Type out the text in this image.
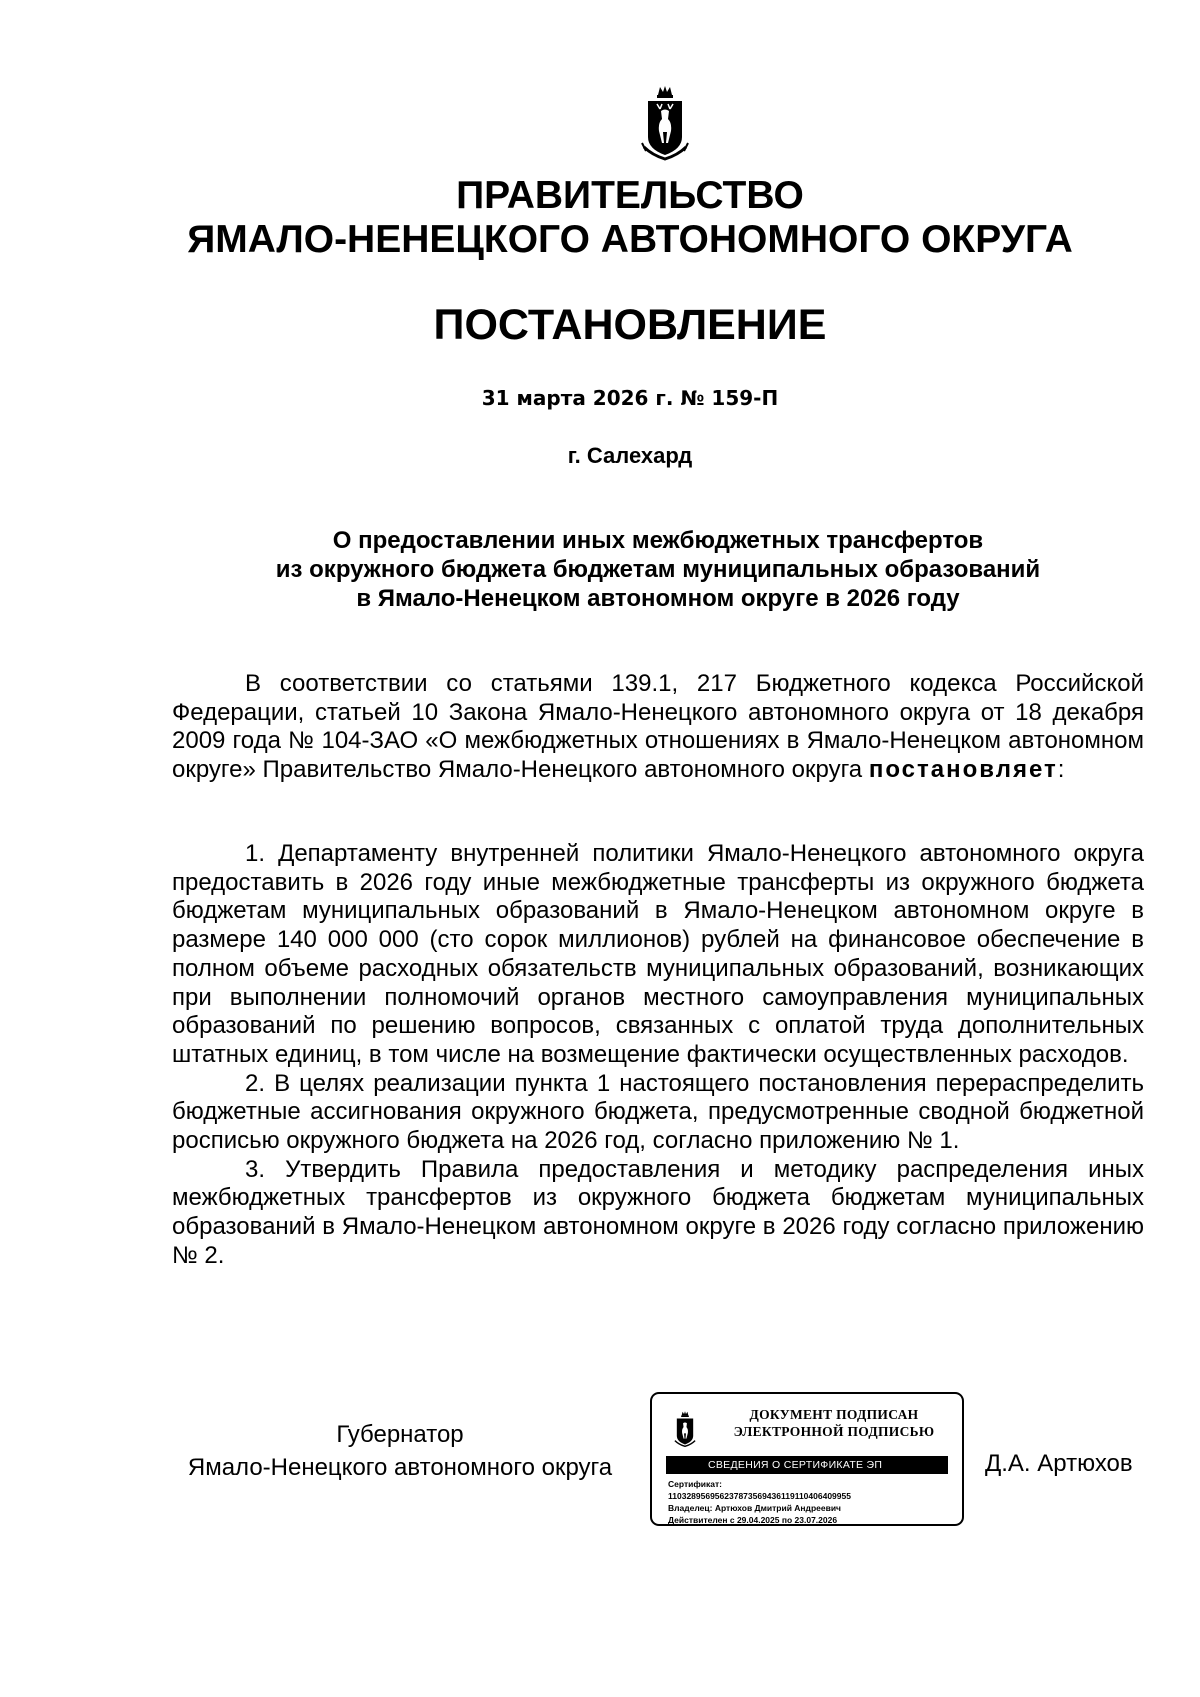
ПРАВИТЕЛЬСТВО
ЯМАЛО-НЕНЕЦКОГО АВТОНОМНОГО ОКРУГА
ПОСТАНОВЛЕНИЕ
31 марта 2026 г. № 159-П
г. Салехард
О предоставлении иных межбюджетных трансфертов
из окружного бюджета бюджетам муниципальных образований
в Ямало-Ненецком автономном округе в 2026 году

В соответствии со статьями 139.1, 217 Бюджетного кодекса Российской Федерации, статьей 10 Закона Ямало-Ненецкого автономного округа от 18 декабря 2009 года № 104-ЗАО «О межбюджетных отношениях в Ямало-Ненецком автономном округе» Правительство Ямало-Ненецкого автономного округа постановляет:

1. Департаменту внутренней политики Ямало-Ненецкого автономного округа предоставить в 2026 году иные межбюджетные трансферты из окружного бюджета бюджетам муниципальных образований в Ямало-Ненецком автономном округе в размере 140 000 000 (сто сорок миллионов) рублей на финансовое обеспечение в полном объеме расходных обязательств муниципальных образований, возникающих при выполнении полномочий органов местного самоуправления муниципальных образований по решению вопросов, связанных с оплатой труда дополнительных штатных единиц, в том числе на возмещение фактически осуществленных расходов.

2. В целях реализации пункта 1 настоящего постановления перераспределить бюджетные ассигнования окружного бюджета, предусмотренные сводной бюджетной росписью окружного бюджета на 2026 год, согласно приложению № 1.

3. Утвердить Правила предоставления и методику распределения иных межбюджетных трансфертов из окружного бюджета бюджетам муниципальных образований в Ямало-Ненецком автономном округе в 2026 году согласно приложению № 2.

Губернатор
Ямало-Ненецкого автономного округа
ДОКУМЕНТ ПОДПИСАН
ЭЛЕКТРОННОЙ ПОДПИСЬЮ
СВЕДЕНИЯ О СЕРТИФИКАТЕ ЭП
Сертификат:
110328956956237873569436119110406409955
Владелец: Артюхов Дмитрий Андреевич
Действителен с 29.04.2025 по 23.07.2026
Д.А. Артюхов
